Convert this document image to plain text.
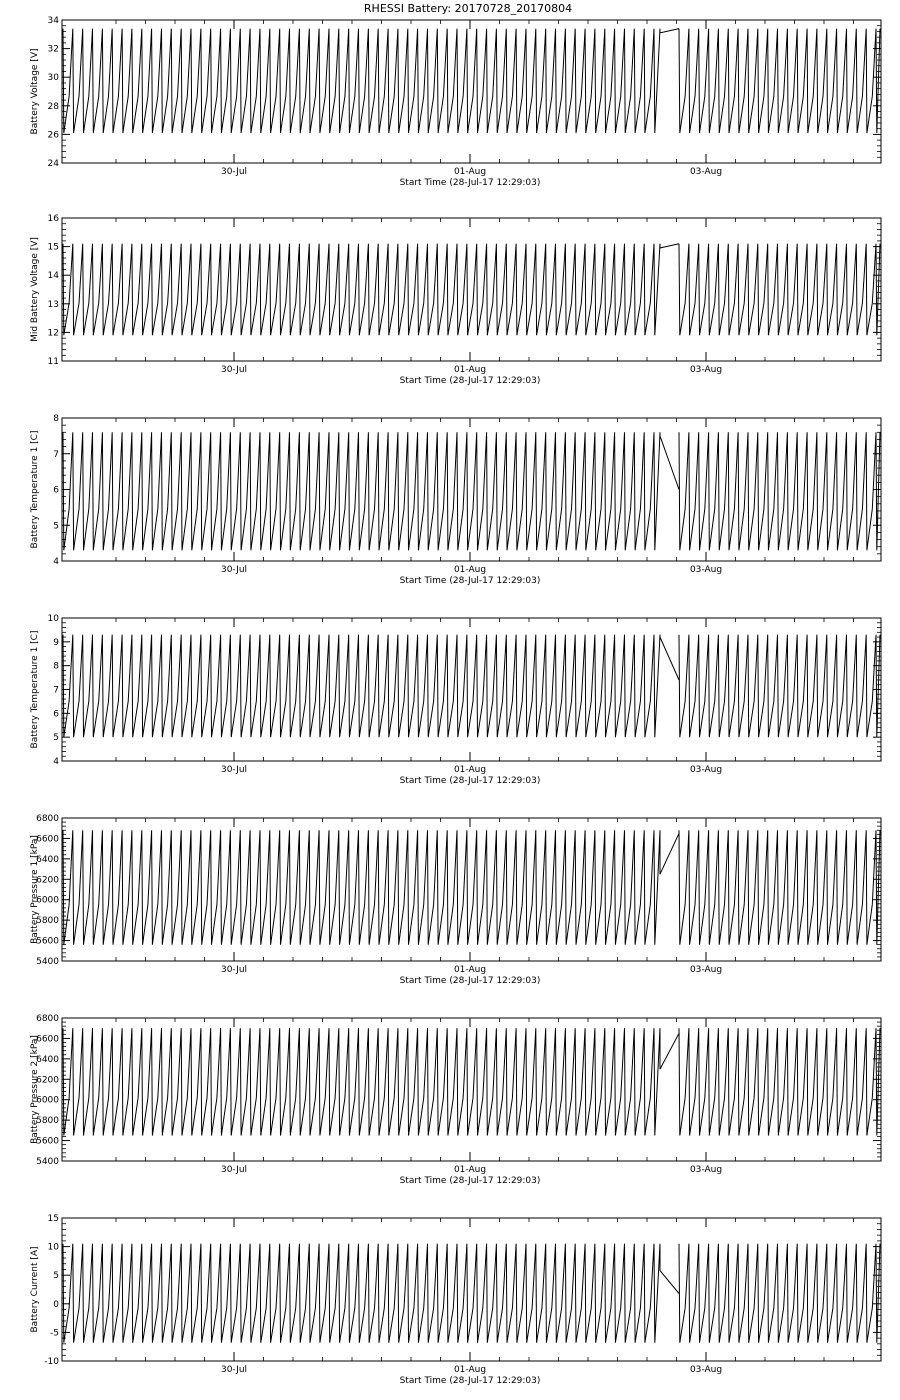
RHESSI Battery: 20170728_20170804
24
26
28
30
32
34
30-Jul	01-Aug	03-Aug
Start Time (28-Jul-17 12:29:03)
Battery Voltage [V]
11
12
13
14
15
16
30-Jul	01-Aug	03-Aug
Start Time (28-Jul-17 12:29:03)
Mid Battery Voltage [V]
4
5
6
7
8
30-Jul	01-Aug	03-Aug
Start Time (28-Jul-17 12:29:03)
Battery Temperature 1 [C]
4
5
6
7
8
9
10
30-Jul	01-Aug	03-Aug
Start Time (28-Jul-17 12:29:03)
Battery Temperature 1 [C]
5400
5600
5800
6000
6200
6400
6600
6800
30-Jul	01-Aug	03-Aug
Start Time (28-Jul-17 12:29:03)
Battery Pressure 1 [kPa]
5400
5600
5800
6000
6200
6400
6600
6800
30-Jul	01-Aug	03-Aug
Start Time (28-Jul-17 12:29:03)
Battery Pressure 2 [kPa]
-10
-5
0
5
10
15
30-Jul	01-Aug	03-Aug
Start Time (28-Jul-17 12:29:03)
Battery Current [A]
